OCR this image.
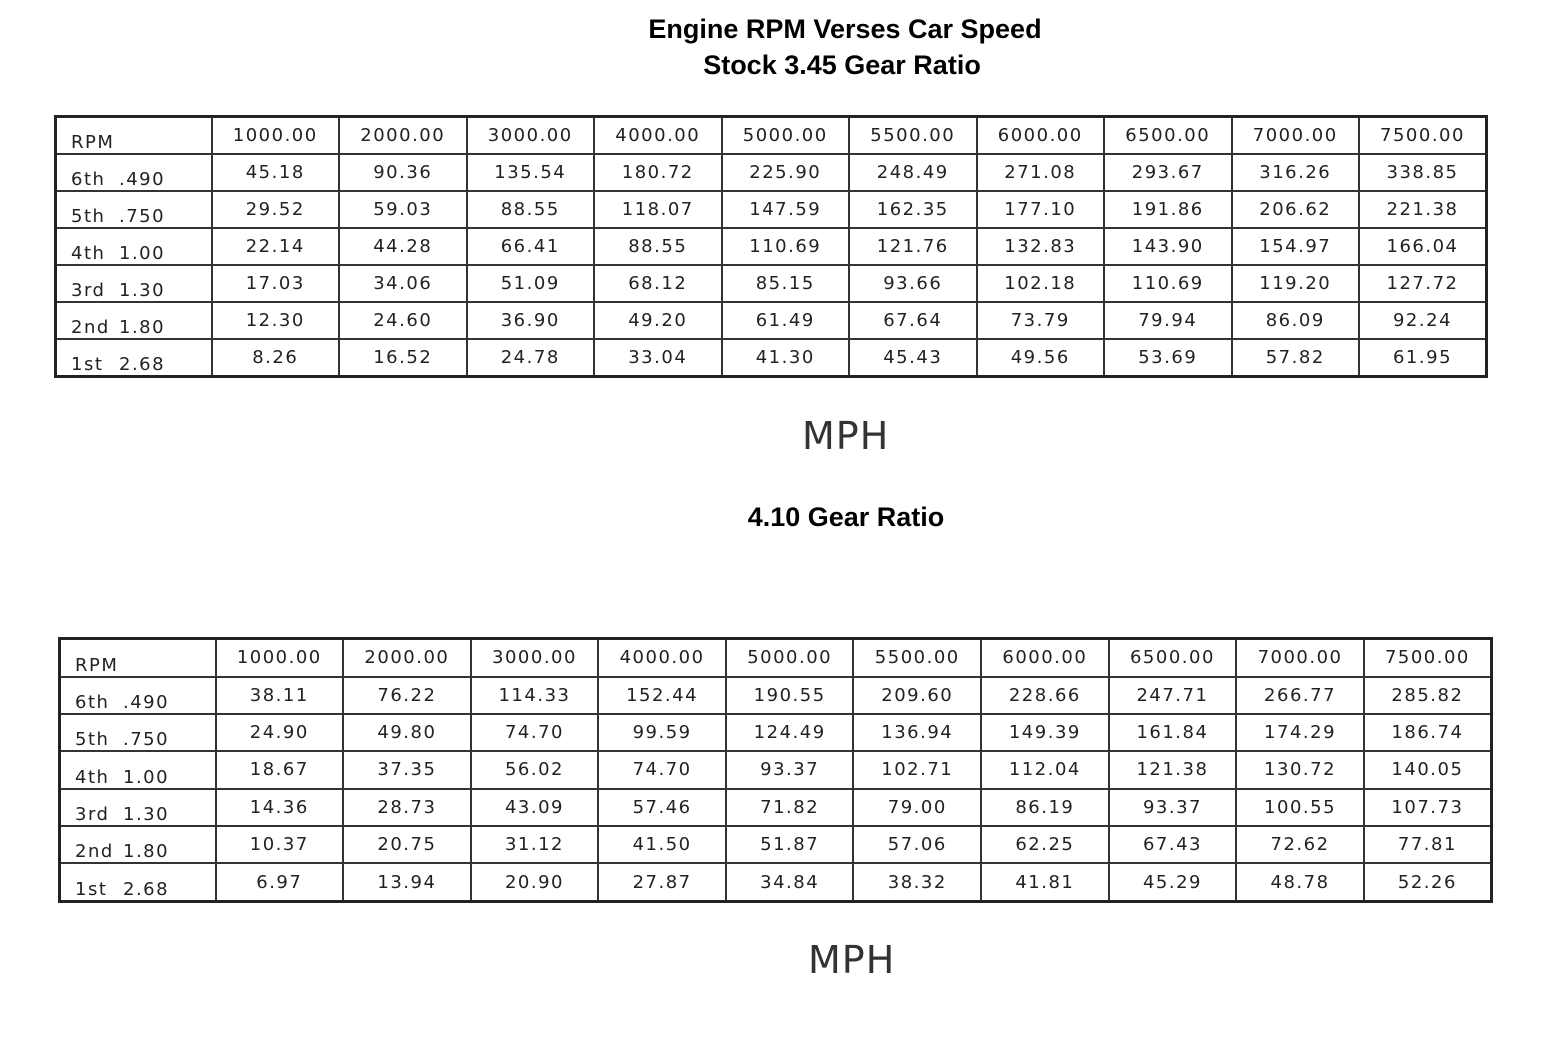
Engine RPM Verses Car Speed
Stock 3.45 Gear Ratio
RPM	1000.00	2000.00	3000.00	4000.00	5000.00	5500.00	6000.00	6500.00	7000.00	7500.00
6th .490	45.18	90.36	135.54	180.72	225.90	248.49	271.08	293.67	316.26	338.85
5th .750	29.52	59.03	88.55	118.07	147.59	162.35	177.10	191.86	206.62	221.38
4th 1.00	22.14	44.28	66.41	88.55	110.69	121.76	132.83	143.90	154.97	166.04
3rd 1.30	17.03	34.06	51.09	68.12	85.15	93.66	102.18	110.69	119.20	127.72
2nd 1.80	12.30	24.60	36.90	49.20	61.49	67.64	73.79	79.94	86.09	92.24
1st 2.68	8.26	16.52	24.78	33.04	41.30	45.43	49.56	53.69	57.82	61.95
MPH
4.10 Gear Ratio
RPM	1000.00	2000.00	3000.00	4000.00	5000.00	5500.00	6000.00	6500.00	7000.00	7500.00
6th .490	38.11	76.22	114.33	152.44	190.55	209.60	228.66	247.71	266.77	285.82
5th .750	24.90	49.80	74.70	99.59	124.49	136.94	149.39	161.84	174.29	186.74
4th 1.00	18.67	37.35	56.02	74.70	93.37	102.71	112.04	121.38	130.72	140.05
3rd 1.30	14.36	28.73	43.09	57.46	71.82	79.00	86.19	93.37	100.55	107.73
2nd 1.80	10.37	20.75	31.12	41.50	51.87	57.06	62.25	67.43	72.62	77.81
1st 2.68	6.97	13.94	20.90	27.87	34.84	38.32	41.81	45.29	48.78	52.26
MPH
